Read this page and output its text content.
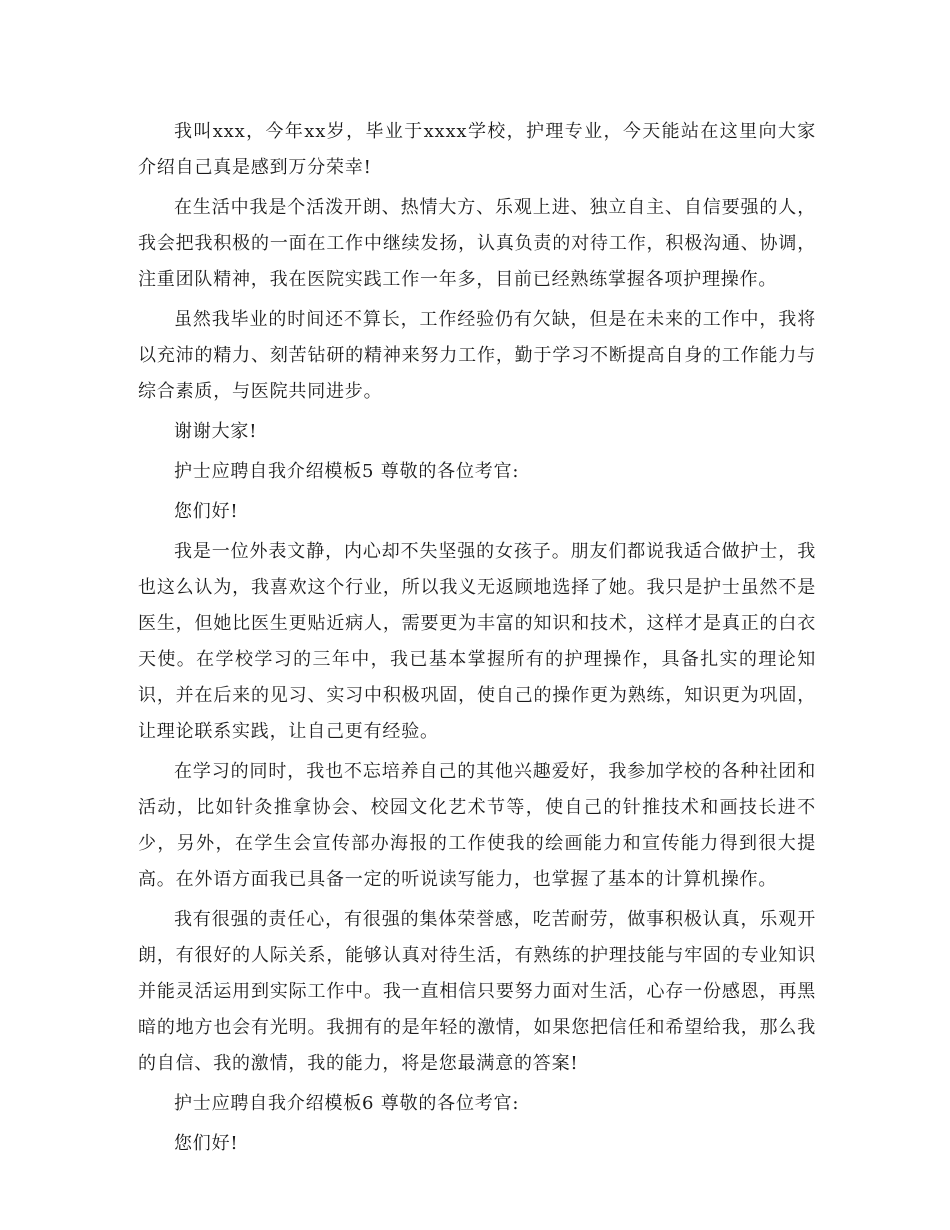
我叫xxx，今年xx岁，毕业于xxxx学校，护理专业，今天能站在这里向大家介绍自己真是感到万分荣幸!

在生活中我是个活泼开朗、热情大方、乐观上进、独立自主、自信要强的人，我会把我积极的一面在工作中继续发扬，认真负责的对待工作，积极沟通、协调，注重团队精神，我在医院实践工作一年多，目前已经熟练掌握各项护理操作。

虽然我毕业的时间还不算长，工作经验仍有欠缺，但是在未来的工作中，我将以充沛的精力、刻苦钻研的精神来努力工作，勤于学习不断提高自身的工作能力与综合素质，与医院共同进步。

谢谢大家!

护士应聘自我介绍模板5 尊敬的各位考官:

您们好!

我是一位外表文静，内心却不失坚强的女孩子。朋友们都说我适合做护士，我也这么认为，我喜欢这个行业，所以我义无返顾地选择了她。我只是护士虽然不是医生，但她比医生更贴近病人，需要更为丰富的知识和技术，这样才是真正的白衣天使。在学校学习的三年中，我已基本掌握所有的护理操作，具备扎实的理论知识，并在后来的见习、实习中积极巩固，使自己的操作更为熟练，知识更为巩固，让理论联系实践，让自己更有经验。

在学习的同时，我也不忘培养自己的其他兴趣爱好，我参加学校的各种社团和活动，比如针灸推拿协会、校园文化艺术节等，使自己的针推技术和画技长进不少，另外，在学生会宣传部办海报的工作使我的绘画能力和宣传能力得到很大提高。在外语方面我已具备一定的听说读写能力，也掌握了基本的计算机操作。

我有很强的责任心，有很强的集体荣誉感，吃苦耐劳，做事积极认真，乐观开朗，有很好的人际关系，能够认真对待生活，有熟练的护理技能与牢固的专业知识并能灵活运用到实际工作中。我一直相信只要努力面对生活，心存一份感恩，再黑暗的地方也会有光明。我拥有的是年轻的激情，如果您把信任和希望给我，那么我的自信、我的激情，我的能力，将是您最满意的答案!

护士应聘自我介绍模板6 尊敬的各位考官:

您们好!
